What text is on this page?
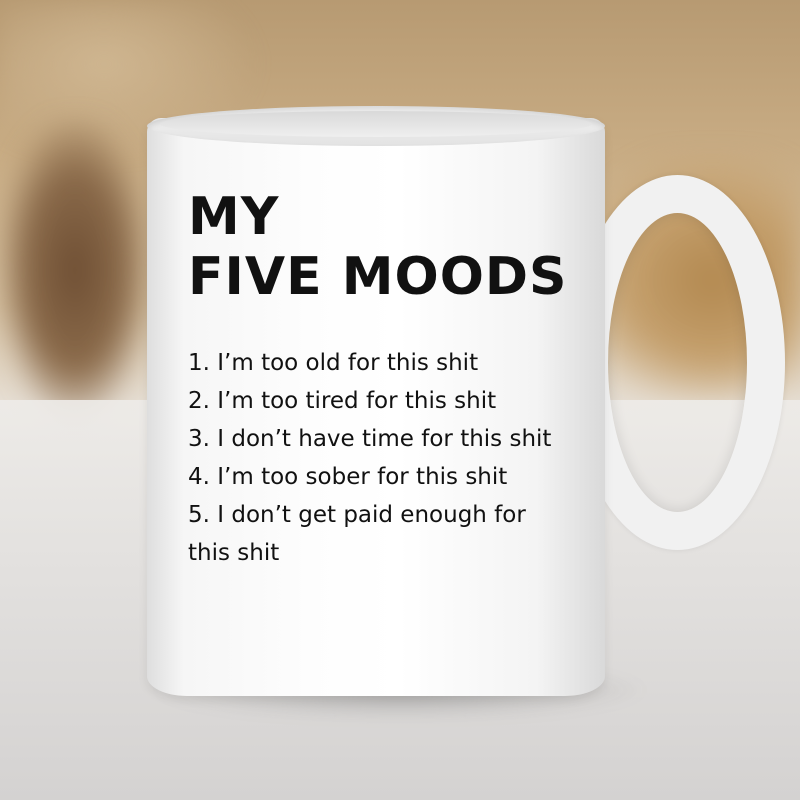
MY
FIVE MOODS
1. I’m too old for this shit
2. I’m too tired for this shit
3. I don’t have time for this shit
4. I’m too sober for this shit
5. I don’t get paid enough for this shit
